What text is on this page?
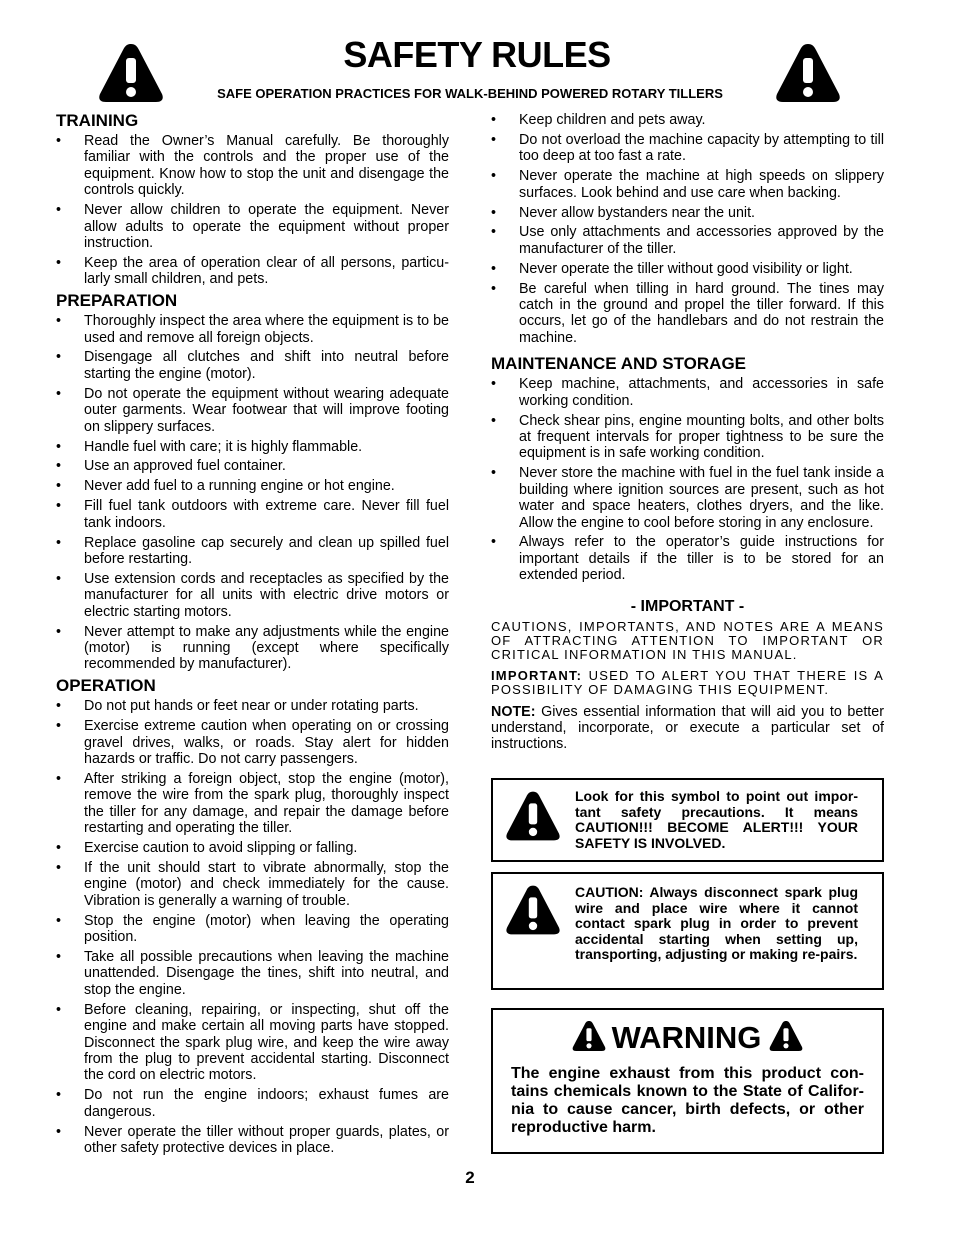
SAFETY RULES
SAFE OPERATION PRACTICES FOR WALK-BEHIND POWERED ROTARY TILLERS
TRAINING
• Read the Owner’s Manual carefully. Be thoroughly familiar with the controls and the proper use of the equipment. Know how to stop the unit and disengage the controls quickly.
• Never allow children to operate the equipment. Never allow adults to operate the equipment without proper instruction.
• Keep the area of operation clear of all persons, particu-larly small children, and pets.
PREPARATION
• Thoroughly inspect the area where the equipment is to be used and remove all foreign objects.
• Disengage all clutches and shift into neutral before starting the engine (motor).
• Do not operate the equipment without wearing adequate outer garments. Wear footwear that will improve footing on slippery surfaces.
• Handle fuel with care; it is highly flammable.
• Use an approved fuel container.
• Never add fuel to a running engine or hot engine.
• Fill fuel tank outdoors with extreme care. Never fill fuel tank indoors.
• Replace gasoline cap securely and clean up spilled fuel before restarting.
• Use extension cords and receptacles as specified by the manufacturer for all units with electric drive motors or electric starting motors.
• Never attempt to make any adjustments while the engine (motor) is running (except where specifically recommended by manufacturer).
OPERATION
• Do not put hands or feet near or under rotating parts.
• Exercise extreme caution when operating on or crossing gravel drives, walks, or roads. Stay alert for hidden hazards or traffic. Do not carry passengers.
• After striking a foreign object, stop the engine (motor), remove the wire from the spark plug, thoroughly inspect the tiller for any damage, and repair the damage before restarting and operating the tiller.
• Exercise caution to avoid slipping or falling.
• If the unit should start to vibrate abnormally, stop the engine (motor) and check immediately for the cause. Vibration is generally a warning of trouble.
• Stop the engine (motor) when leaving the operating position.
• Take all possible precautions when leaving the machine unattended. Disengage the tines, shift into neutral, and stop the engine.
• Before cleaning, repairing, or inspecting, shut off the engine and make certain all moving parts have stopped. Disconnect the spark plug wire, and keep the wire away from the plug to prevent accidental starting. Disconnect the cord on electric motors.
• Do not run the engine indoors; exhaust fumes are dangerous.
• Never operate the tiller without proper guards, plates, or other safety protective devices in place.
• Keep children and pets away.
• Do not overload the machine capacity by attempting to till too deep at too fast a rate.
• Never operate the machine at high speeds on slippery surfaces. Look behind and use care when backing.
• Never allow bystanders near the unit.
• Use only attachments and accessories approved by the manufacturer of the tiller.
• Never operate the tiller without good visibility or light.
• Be careful when tilling in hard ground. The tines may catch in the ground and propel the tiller forward. If this occurs, let go of the handlebars and do not restrain the machine.
MAINTENANCE AND STORAGE
• Keep machine, attachments, and accessories in safe working condition.
• Check shear pins, engine mounting bolts, and other bolts at frequent intervals for proper tightness to be sure the equipment is in safe working condition.
• Never store the machine with fuel in the fuel tank inside a building where ignition sources are present, such as hot water and space heaters, clothes dryers, and the like. Allow the engine to cool before storing in any enclosure.
• Always refer to the operator’s guide instructions for important details if the tiller is to be stored for an extended period.
- IMPORTANT -
CAUTIONS, IMPORTANTS, AND NOTES ARE A MEANS OF ATTRACTING ATTENTION TO IMPORTANT OR CRITICAL INFORMATION IN THIS MANUAL.
IMPORTANT: USED TO ALERT YOU THAT THERE IS A POSSIBILITY OF DAMAGING THIS EQUIPMENT.
NOTE: Gives essential information that will aid you to better understand, incorporate, or execute a particular set of instructions.
Look for this symbol to point out impor-tant safety precautions. It means CAUTION!!! BECOME ALERT!!! YOUR SAFETY IS INVOLVED.
CAUTION: Always disconnect spark plug wire and place wire where it cannot contact spark plug in order to prevent accidental starting when setting up, transporting, adjusting or making re-pairs.
WARNING
The engine exhaust from this product con-tains chemicals known to the State of Califor-nia to cause cancer, birth defects, or other reproductive harm.
2
